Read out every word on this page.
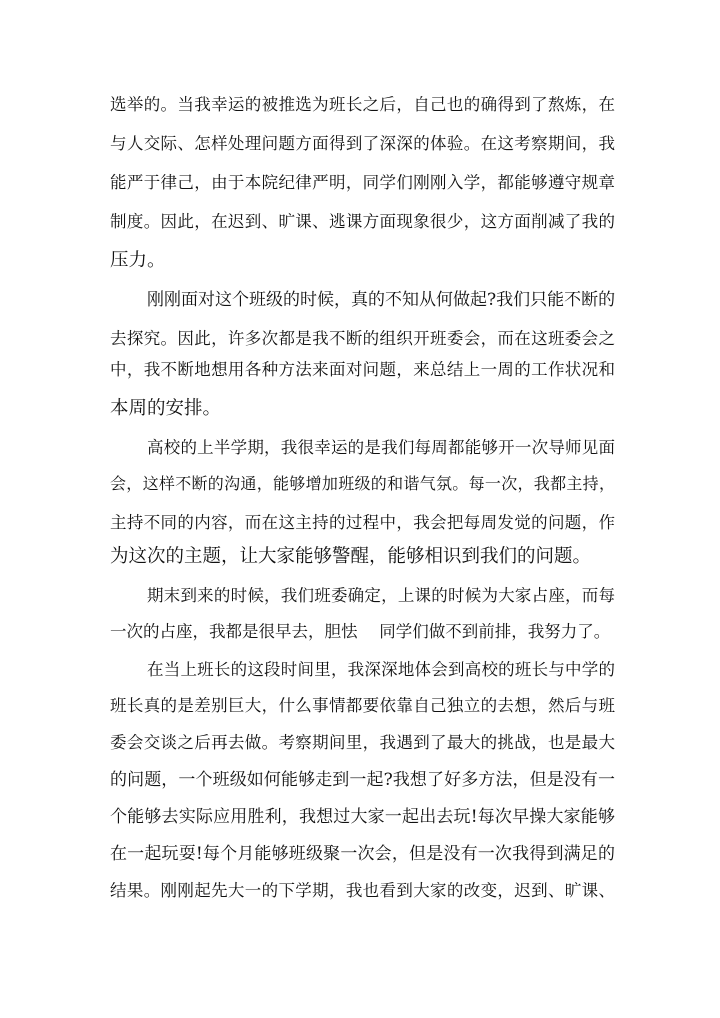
选举的。当我幸运的被推选为班长之后，自己也的确得到了熬炼，在
与人交际、怎样处理问题方面得到了深深的体验。在这考察期间，我
能严于律己，由于本院纪律严明，同学们刚刚入学，都能够遵守规章
制度。因此，在迟到、旷课、逃课方面现象很少，这方面削减了我的
压力。
刚刚面对这个班级的时候，真的不知从何做起?我们只能不断的
去探究。因此，许多次都是我不断的组织开班委会，而在这班委会之
中，我不断地想用各种方法来面对问题，来总结上一周的工作状况和
本周的安排。
高校的上半学期，我很幸运的是我们每周都能够开一次导师见面
会，这样不断的沟通，能够增加班级的和谐气氛。每一次，我都主持，
主持不同的内容，而在这主持的过程中，我会把每周发觉的问题，作
为这次的主题，让大家能够警醒，能够相识到我们的问题。
期末到来的时候，我们班委确定，上课的时候为大家占座，而每
一次的占座，我都是很早去，胆怯　 同学们做不到前排，我努力了。
在当上班长的这段时间里，我深深地体会到高校的班长与中学的
班长真的是差别巨大，什么事情都要依靠自己独立的去想，然后与班
委会交谈之后再去做。考察期间里，我遇到了最大的挑战，也是最大
的问题，一个班级如何能够走到一起?我想了好多方法，但是没有一
个能够去实际应用胜利，我想过大家一起出去玩!每次早操大家能够
在一起玩耍!每个月能够班级聚一次会，但是没有一次我得到满足的
结果。刚刚起先大一的下学期，我也看到大家的改变，迟到、旷课、
